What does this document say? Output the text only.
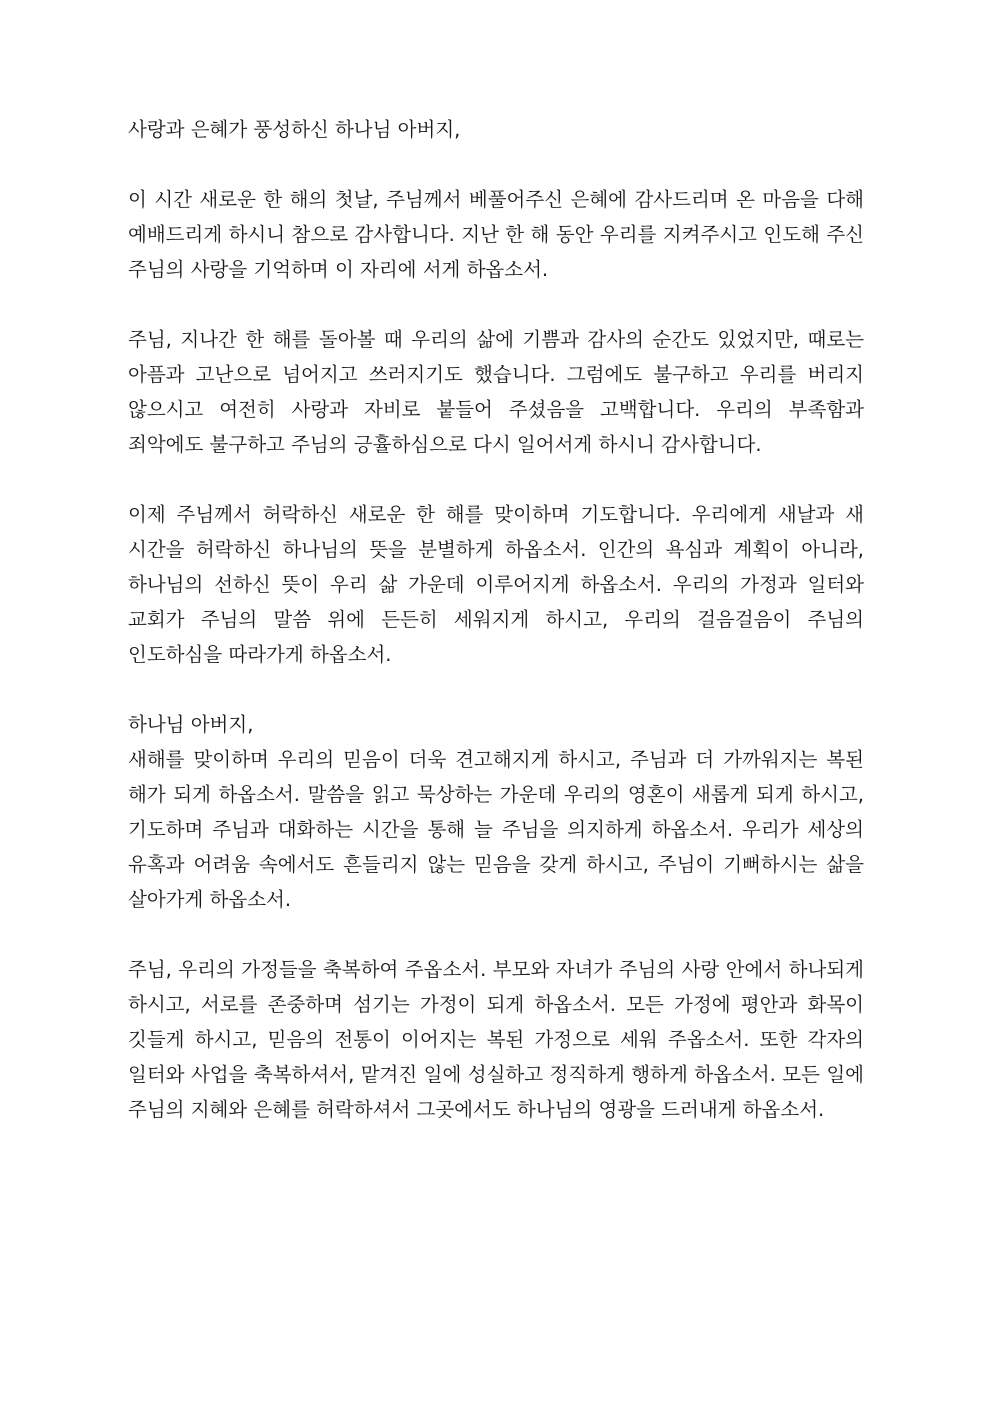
사랑과 은혜가 풍성하신 하나님 아버지,

이 시간 새로운 한 해의 첫날, 주님께서 베풀어주신 은혜에 감사드리며 온 마음을 다해 예배드리게 하시니 참으로 감사합니다. 지난 한 해 동안 우리를 지켜주시고 인도해 주신 주님의 사랑을 기억하며 이 자리에 서게 하옵소서.

주님, 지나간 한 해를 돌아볼 때 우리의 삶에 기쁨과 감사의 순간도 있었지만, 때로는 아픔과 고난으로 넘어지고 쓰러지기도 했습니다. 그럼에도 불구하고 우리를 버리지 않으시고 여전히 사랑과 자비로 붙들어 주셨음을 고백합니다. 우리의 부족함과 죄악에도 불구하고 주님의 긍휼하심으로 다시 일어서게 하시니 감사합니다.

이제 주님께서 허락하신 새로운 한 해를 맞이하며 기도합니다. 우리에게 새날과 새 시간을 허락하신 하나님의 뜻을 분별하게 하옵소서. 인간의 욕심과 계획이 아니라, 하나님의 선하신 뜻이 우리 삶 가운데 이루어지게 하옵소서. 우리의 가정과 일터와 교회가 주님의 말씀 위에 든든히 세워지게 하시고, 우리의 걸음걸음이 주님의 인도하심을 따라가게 하옵소서.

하나님 아버지,
새해를 맞이하며 우리의 믿음이 더욱 견고해지게 하시고, 주님과 더 가까워지는 복된 해가 되게 하옵소서. 말씀을 읽고 묵상하는 가운데 우리의 영혼이 새롭게 되게 하시고, 기도하며 주님과 대화하는 시간을 통해 늘 주님을 의지하게 하옵소서. 우리가 세상의 유혹과 어려움 속에서도 흔들리지 않는 믿음을 갖게 하시고, 주님이 기뻐하시는 삶을 살아가게 하옵소서.

주님, 우리의 가정들을 축복하여 주옵소서. 부모와 자녀가 주님의 사랑 안에서 하나되게 하시고, 서로를 존중하며 섬기는 가정이 되게 하옵소서. 모든 가정에 평안과 화목이 깃들게 하시고, 믿음의 전통이 이어지는 복된 가정으로 세워 주옵소서. 또한 각자의 일터와 사업을 축복하셔서, 맡겨진 일에 성실하고 정직하게 행하게 하옵소서. 모든 일에 주님의 지혜와 은혜를 허락하셔서 그곳에서도 하나님의 영광을 드러내게 하옵소서.
